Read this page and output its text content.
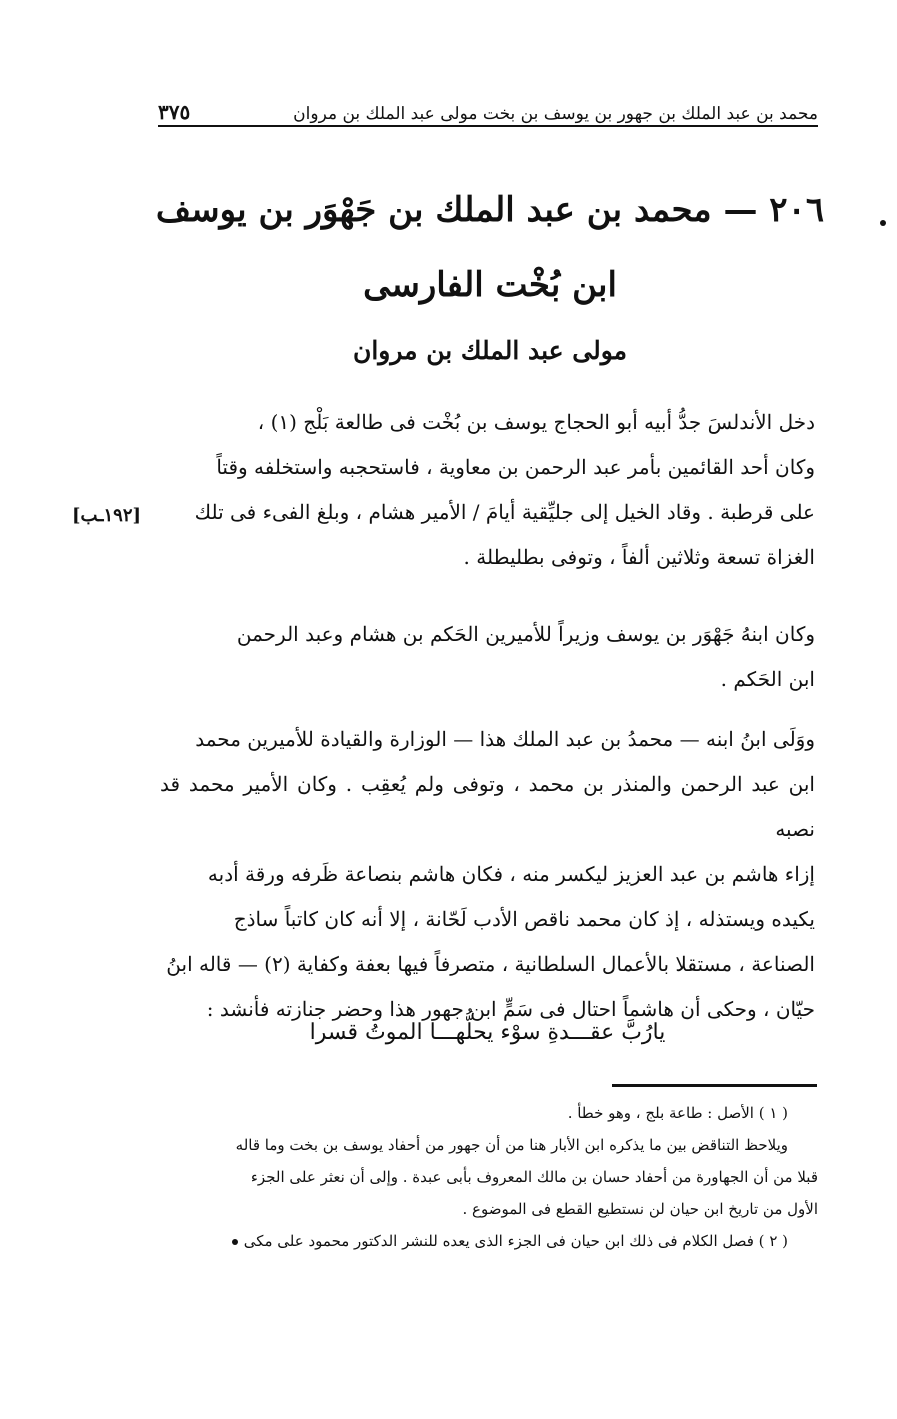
محمد بن عبد الملك بن جهور بن يوسف بن بخت مولى عبد الملك بن مروان
٣٧٥
٢٠٦ — محمد بن عبد الملك بن جَهْوَر بن يوسف
ابن بُخْت الفارسى
مولى عبد الملك بن مروان

دخل الأندلسَ جدُّ أبيه أبو الحجاج يوسف بن بُخْت فى طالعة بَلْج (١) ،

وكان أحد القائمين بأمر عبد الرحمن بن معاوية ، فاستحجبه واستخلفه وقتاً

على قرطبة . وقاد الخيل إلى جليِّقية أيامَ / الأمير هشام ، وبلغ الفىء فى تلك

الغزاة تسعة وثلاثين ألفاً ، وتوفى بطليطلة .

[١٩٢ـب]

وكان ابنهُ جَهْوَر بن يوسف وزيراً للأميرين الحَكم بن هشام وعبد الرحمن

ابن الحَكم .

ووَلَى ابنُ ابنه — محمدُ بن عبد الملك هذا — الوزارة والقيادة للأميرين محمد

ابن عبد الرحمن والمنذر بن محمد ، وتوفى ولم يُعقِب . وكان الأمير محمد قد نصبه

إزاء هاشم بن عبد العزيز ليكسر منه ، فكان هاشم بنصاعة ظَرفه ورقة أدبه

يكيده ويستذله ، إذ كان محمد ناقص الأدب لَحّانة ، إلا أنه كان كاتباً ساذج

الصناعة ، مستقلا بالأعمال السلطانية ، متصرفاً فيها بعفة وكفاية (٢) — قاله ابنُ

حيّان ، وحكى أن هاشماً احتال فى سَمٍّ ابن جهور هذا وحضر جنازته فأنشد :

يارُبَّ عقـــدةِ سوْء يحلُّهـــا الموتُ قسرا

( ١ ) الأصل : طاعة بلج ، وهو خطأ .

ويلاحظ التناقض بين ما يذكره ابن الأبار هنا من أن جهور من أحفاد يوسف بن بخت وما قاله

قبلا من أن الجهاورة من أحفاد حسان بن مالك المعروف بأبى عبدة . وإلى أن نعثر على الجزء

الأول من تاريخ ابن حيان لن نستطيع القطع فى الموضوع .

( ٢ ) فصل الكلام فى ذلك ابن حيان فى الجزء الذى يعده للنشر الدكتور محمود على مكى
